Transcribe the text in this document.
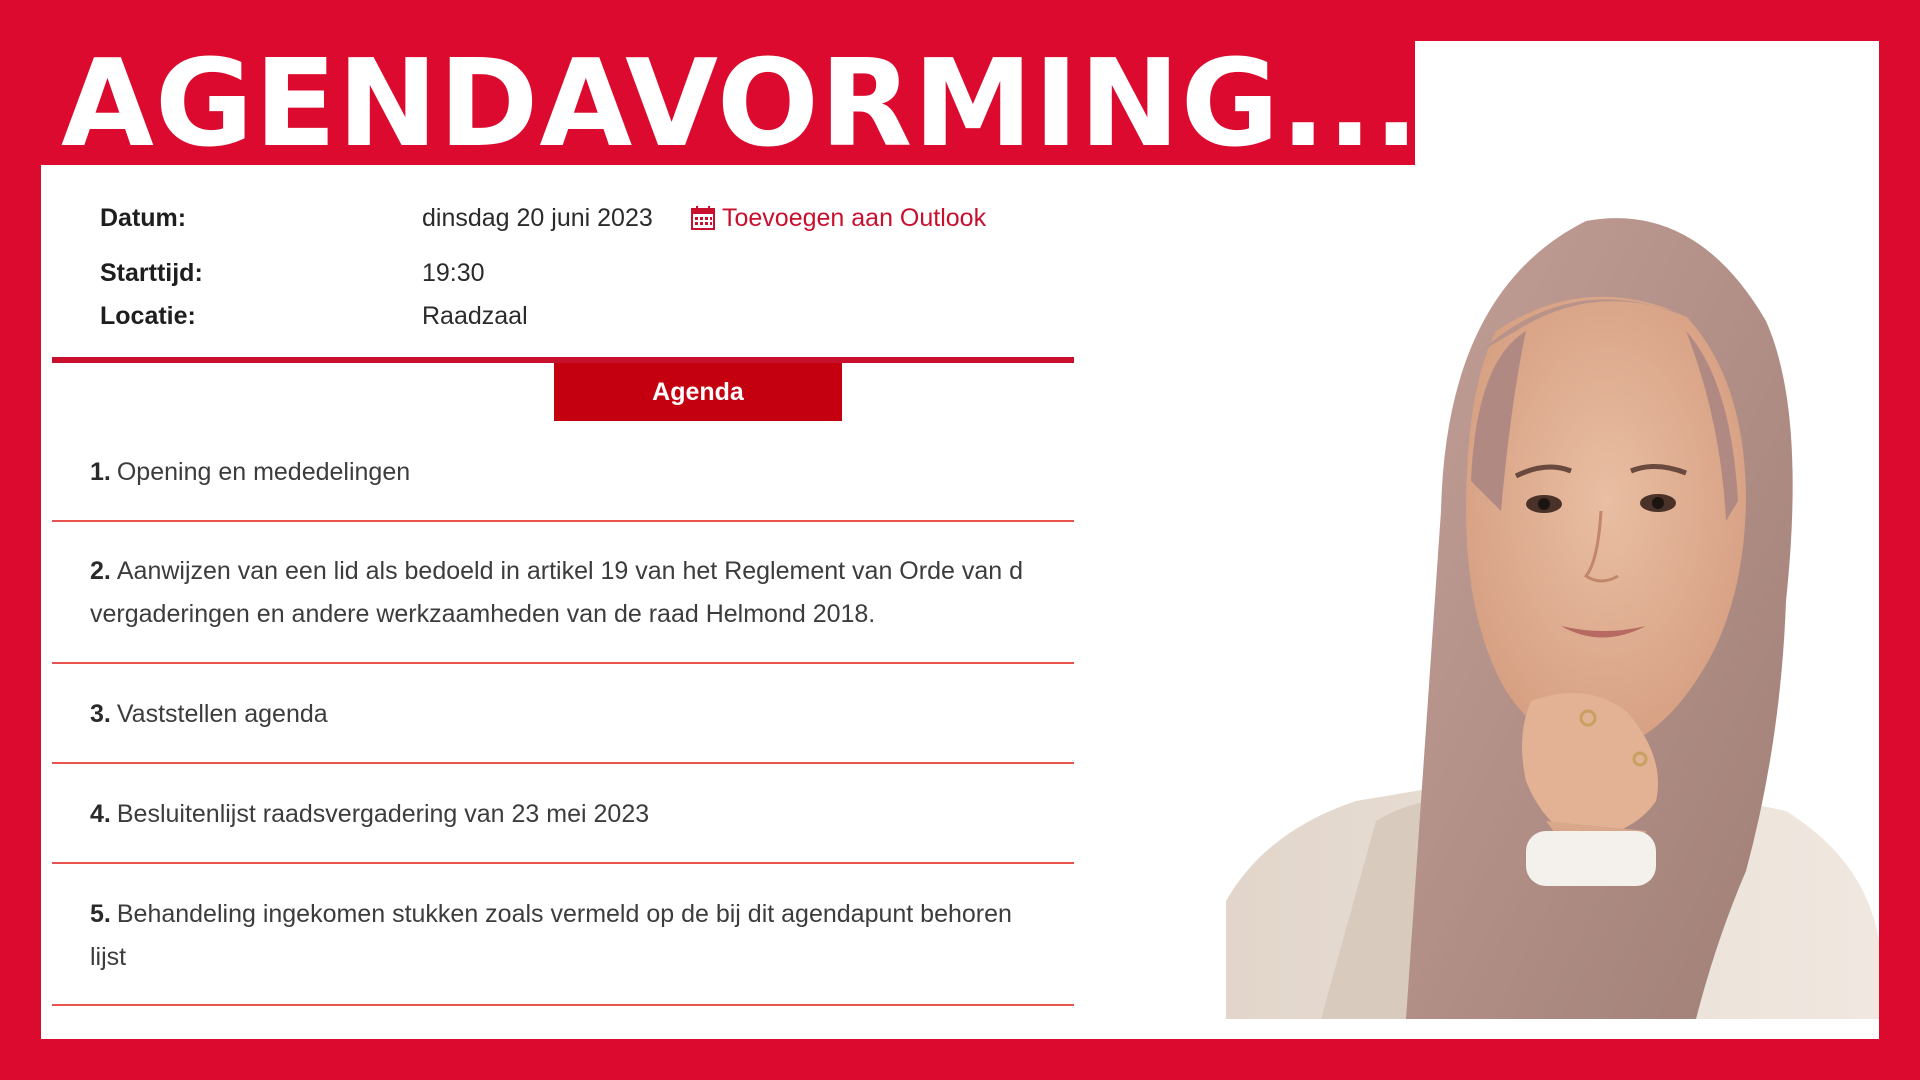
AGENDAVORMING....
Datum:	dinsdag 20 juni 2023	Toevoegen aan Outlook
Starttijd:	19:30
Locatie:	Raadzaal
Agenda
1. Opening en mededelingen
2. Aanwijzen van een lid als bedoeld in artikel 19 van het Reglement van Orde van d
vergaderingen en andere werkzaamheden van de raad Helmond 2018.
3. Vaststellen agenda
4. Besluitenlijst raadsvergadering van 23 mei 2023
5. Behandeling ingekomen stukken zoals vermeld op de bij dit agendapunt behoren
lijst
